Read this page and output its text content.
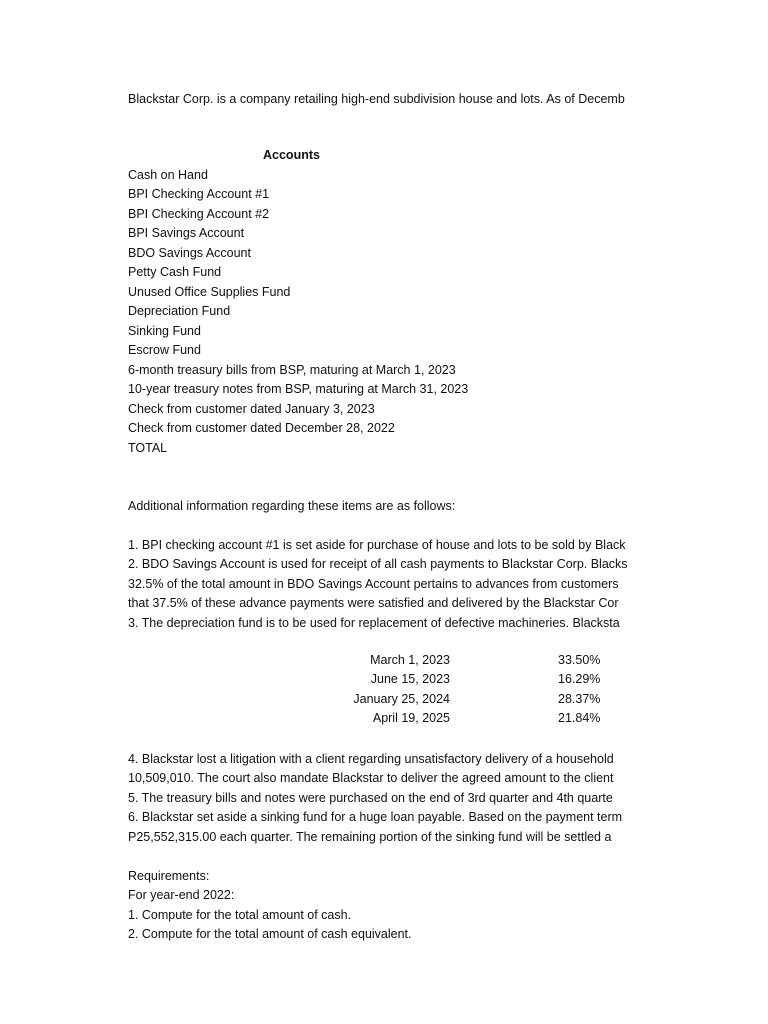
Blackstar Corp. is a company retailing high-end subdivision house and lots. As of Decemb
Accounts
Cash on Hand
BPI Checking Account #1
BPI Checking Account #2
BPI Savings Account
BDO Savings Account
Petty Cash Fund
Unused Office Supplies Fund
Depreciation Fund
Sinking Fund
Escrow Fund
6-month treasury bills from BSP, maturing at March 1, 2023
10-year treasury notes from BSP, maturing at March 31, 2023
Check from customer dated January 3, 2023
Check from customer dated December 28, 2022
TOTAL
Additional information regarding these items are as follows:
1. BPI checking account #1 is set aside for purchase of house and lots to be sold by Black
2. BDO Savings Account is used for receipt of all cash payments to Blackstar Corp. Blacks
32.5% of the total amount in BDO Savings Account pertains to advances from customers
that 37.5% of these advance payments were satisfied and delivered by the Blackstar Cor
3. The depreciation fund is to be used for replacement of defective machineries. Blacksta
March 1, 2023	33.50%
June 15, 2023	16.29%
January 25, 2024	28.37%
April 19, 2025	21.84%
4. Blackstar lost a litigation with a client regarding unsatisfactory delivery of a household
10,509,010. The court also mandate Blackstar to deliver the agreed amount to the client
5. The treasury bills and notes were purchased on the end of 3rd quarter and 4th quarte
6. Blackstar set aside a sinking fund for a huge loan payable. Based on the payment term
P25,552,315.00 each quarter. The remaining portion of the sinking fund will be settled a
Requirements:
For year-end 2022:
1. Compute for the total amount of cash.
2. Compute for the total amount of cash equivalent.
